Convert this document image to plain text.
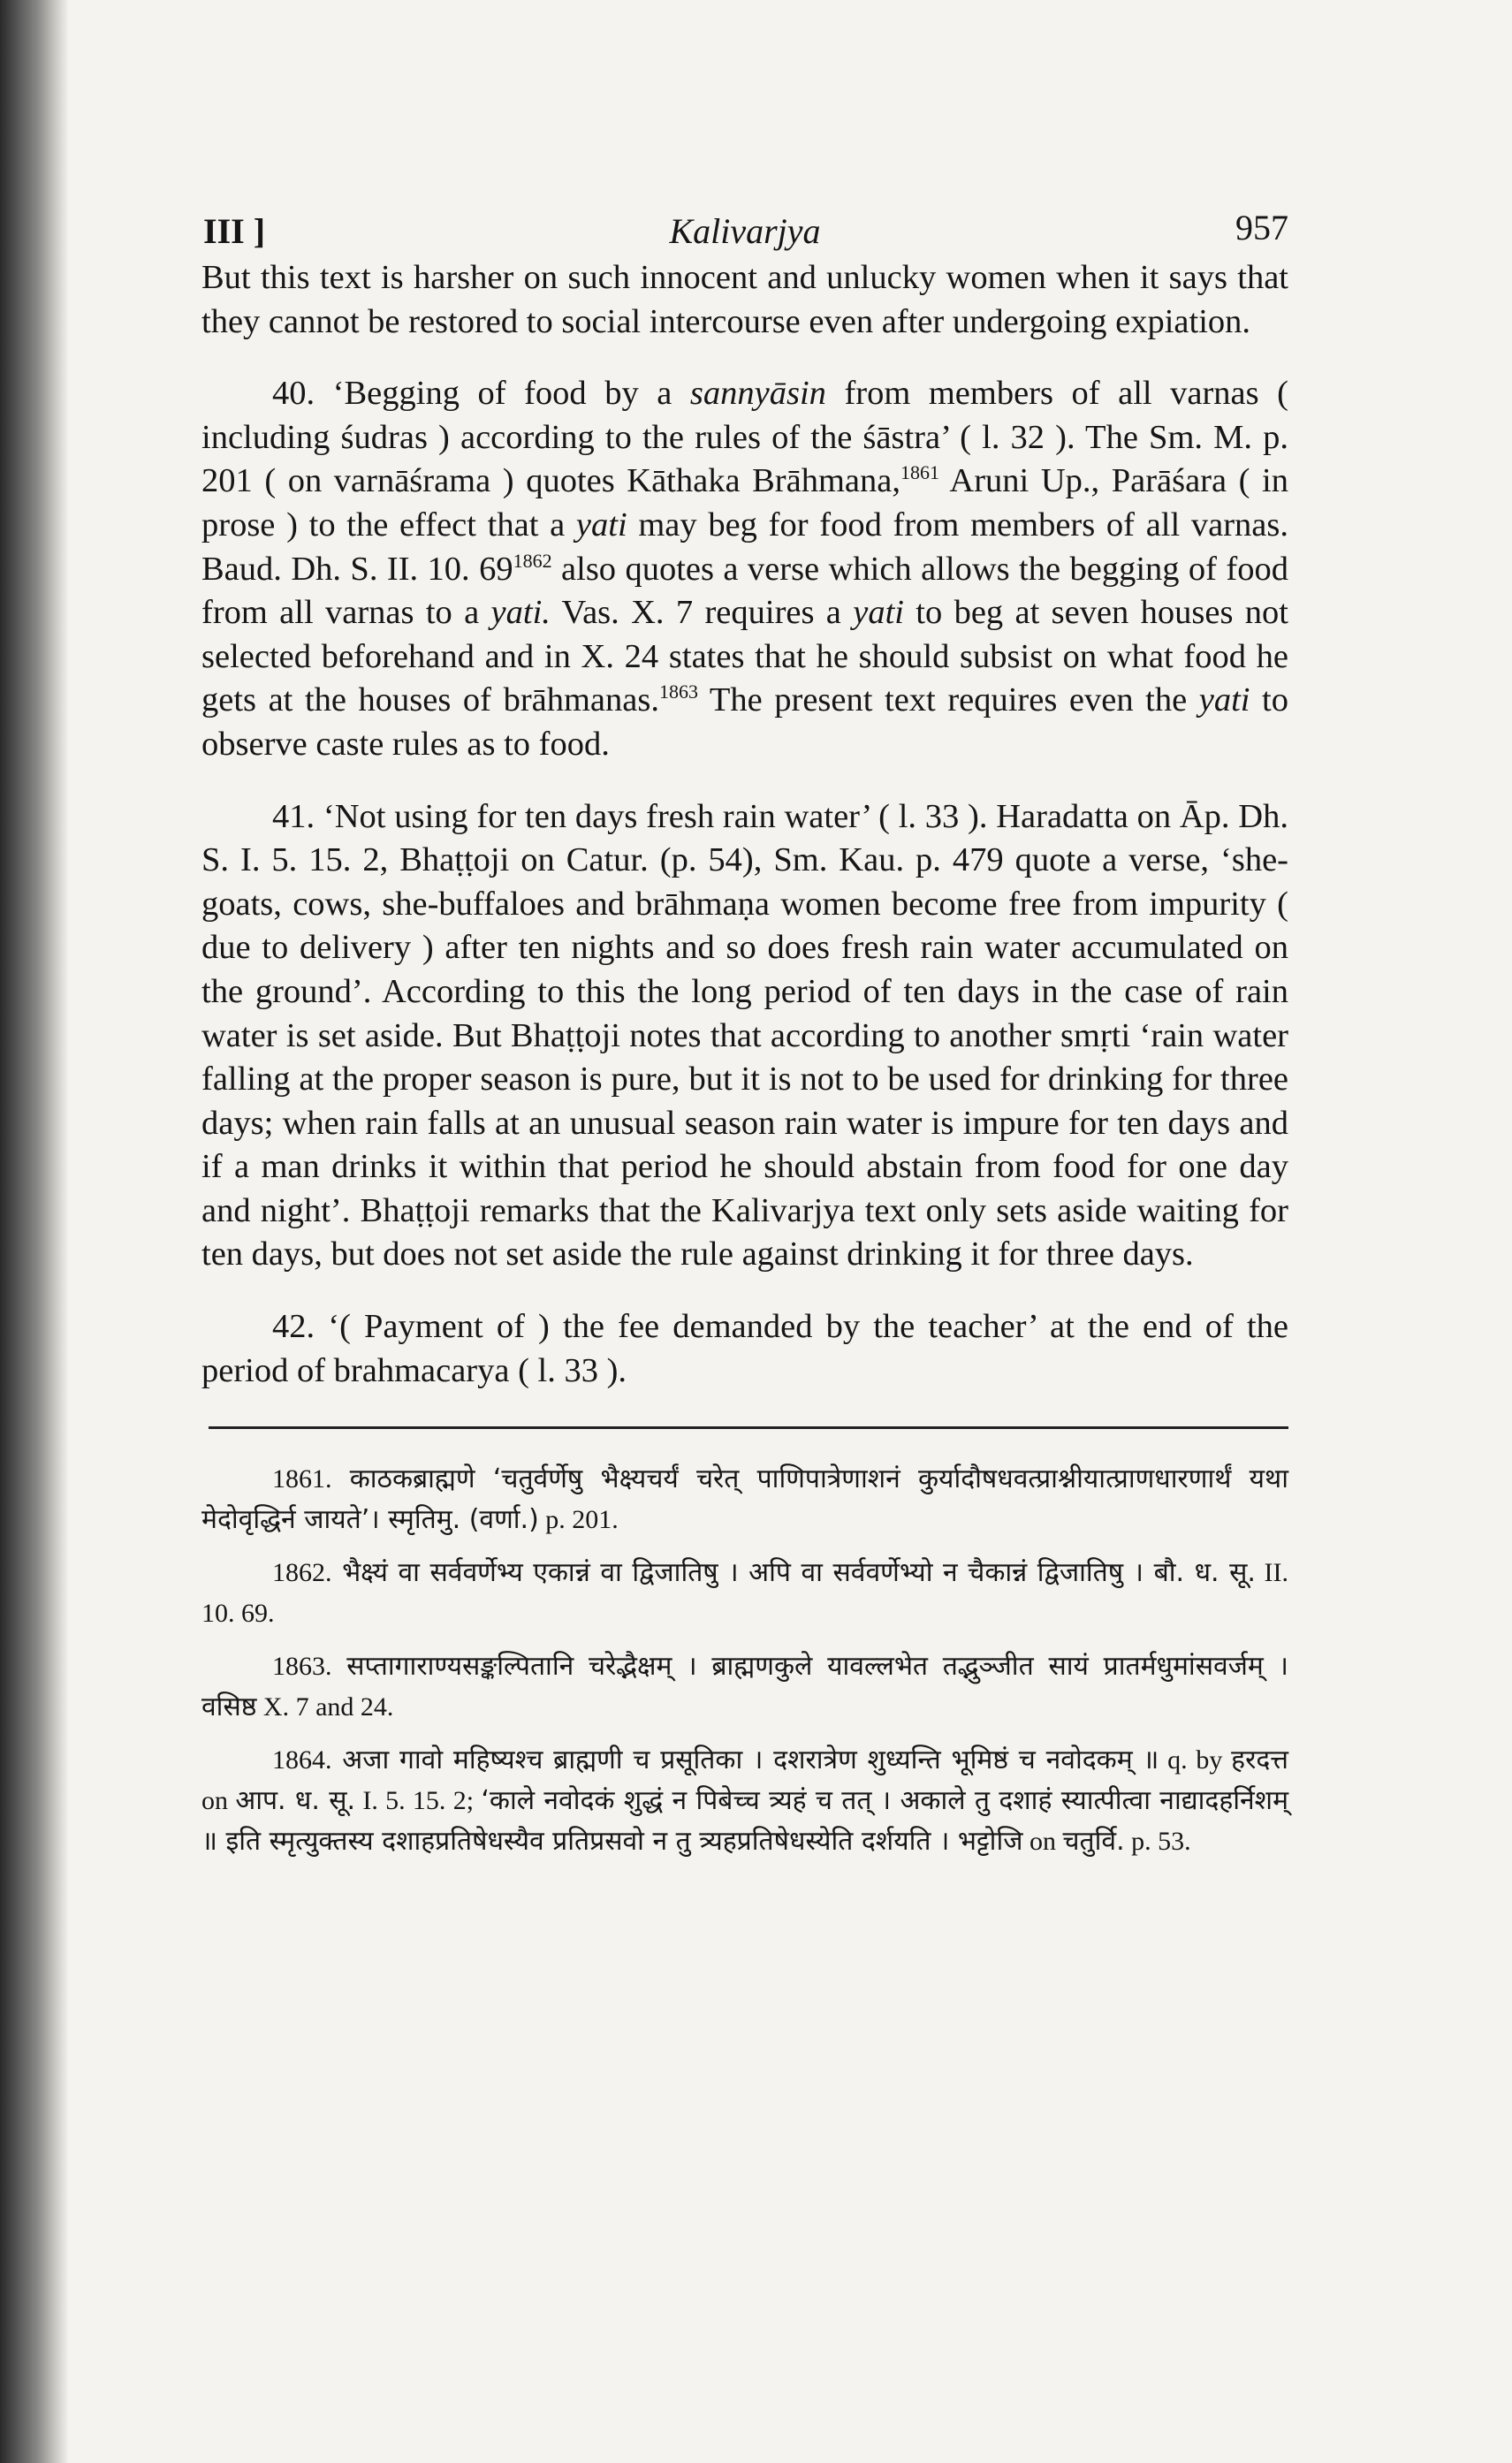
III ]	Kalivarjya	957

But this text is harsher on such innocent and unlucky women when it says that they cannot be restored to social intercourse even after undergoing expiation.

40. ‘Begging of food by a sannyāsin from members of all varnas ( including śudras ) according to the rules of the śāstra’ ( l. 32 ). The Sm. M. p. 201 ( on varnāśrama ) quotes Kāthaka Brāhmana,$^{1861}$ Aruni Up., Parāśara ( in prose ) to the effect that a yati may beg for food from members of all varnas. Baud. Dh. S. II. 10. 69$^{1862}$ also quotes a verse which allows the begging of food from all varnas to a yati. Vas. X. 7 requires a yati to beg at seven houses not selected beforehand and in X. 24 states that he should subsist on what food he gets at the houses of brāhmanas.$^{1863}$ The present text requires even the yati to observe caste rules as to food.

41. ‘Not using for ten days fresh rain water’ ( l. 33 ). Haradatta on Āp. Dh. S. I. 5. 15. 2, Bhaṭṭoji on Catur. (p. 54), Sm. Kau. p. 479 quote a verse, ‘she-goats, cows, she-buffaloes and brāhmaṇa women become free from impurity ( due to delivery ) after ten nights and so does fresh rain water accumulated on the ground’. According to this the long period of ten days in the case of rain water is set aside. But Bhaṭṭoji notes that according to another smṛti ‘rain water falling at the proper season is pure, but it is not to be used for drinking for three days; when rain falls at an unusual season rain water is impure for ten days and if a man drinks it within that period he should abstain from food for one day and night’. Bhaṭṭoji remarks that the Kalivarjya text only sets aside waiting for ten days, but does not set aside the rule against drinking it for three days.

42. ‘( Payment of ) the fee demanded by the teacher’ at the end of the period of brahmacarya ( l. 33 ).

1861. काठकब्राह्मणे ‘चतुर्वर्णेषु भैक्ष्यचर्यं चरेत् पाणिपात्रेणाशनं कुर्यादौषधवत्प्राश्नीयात्प्राणधारणार्थं यथा मेदोवृद्धिर्न जायते’। स्मृतिमु. (वर्णा.) p. 201.

1862. भैक्ष्यं वा सर्ववर्णेभ्य एकान्नं वा द्विजातिषु । अपि वा सर्ववर्णेभ्यो न चैकान्नं द्विजातिषु । बौ. ध. सू. II. 10. 69.

1863. सप्तागाराण्यसङ्कल्पितानि चरेद्भैक्षम् । ब्राह्मणकुले यावल्लभेत तद्भुञ्जीत सायं प्रातर्मधुमांसवर्जम् । वसिष्ठ X. 7 and 24.

1864. अजा गावो महिष्यश्च ब्राह्मणी च प्रसूतिका । दशरात्रेण शुध्यन्ति भूमिष्ठं च नवोदकम् ॥ q. by हरदत्त on आप. ध. सू. I. 5. 15. 2; ‘काले नवोदकं शुद्धं न पिबेच्च त्र्यहं च तत् । अकाले तु दशाहं स्यात्पीत्वा नाद्यादहर्निशम् ॥ इति स्मृत्युक्तस्य दशाहप्रतिषेधस्यैव प्रतिप्रसवो न तु त्र्यहप्रतिषेधस्येति दर्शयति । भट्टोजि on चतुर्वि. p. 53.
